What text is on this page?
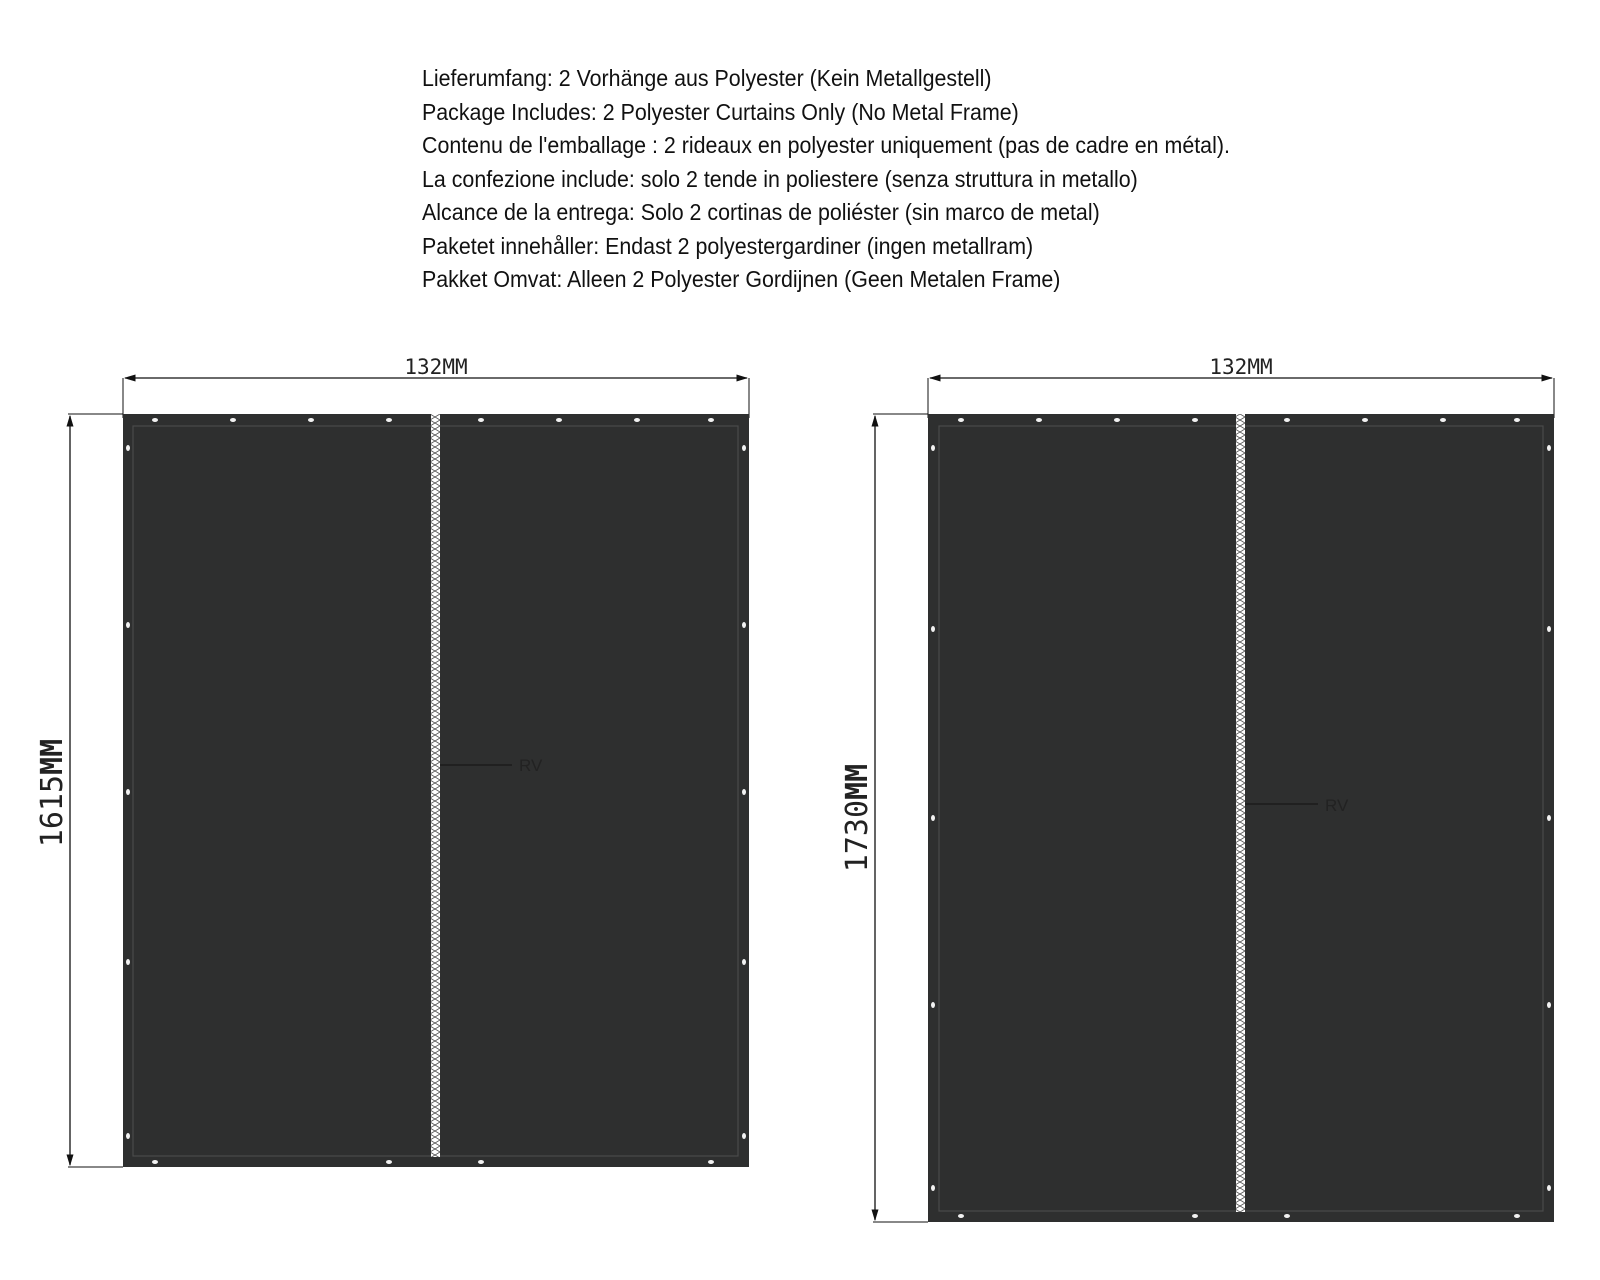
Lieferumfang: 2 Vorhänge aus Polyester (Kein Metallgestell)
Package Includes: 2 Polyester Curtains Only (No Metal Frame)
Contenu de l'emballage : 2 rideaux en polyester uniquement (pas de cadre en métal).
La confezione include: solo 2 tende in poliestere (senza struttura in metallo)
Alcance de la entrega: Solo 2 cortinas de poliéster (sin marco de metal)
Paketet innehåller: Endast 2 polyestergardiner (ingen metallram)
Pakket Omvat: Alleen 2 Polyester Gordijnen (Geen Metalen Frame)
132MM
1615MM	RV
132MM
1730MM
RV
